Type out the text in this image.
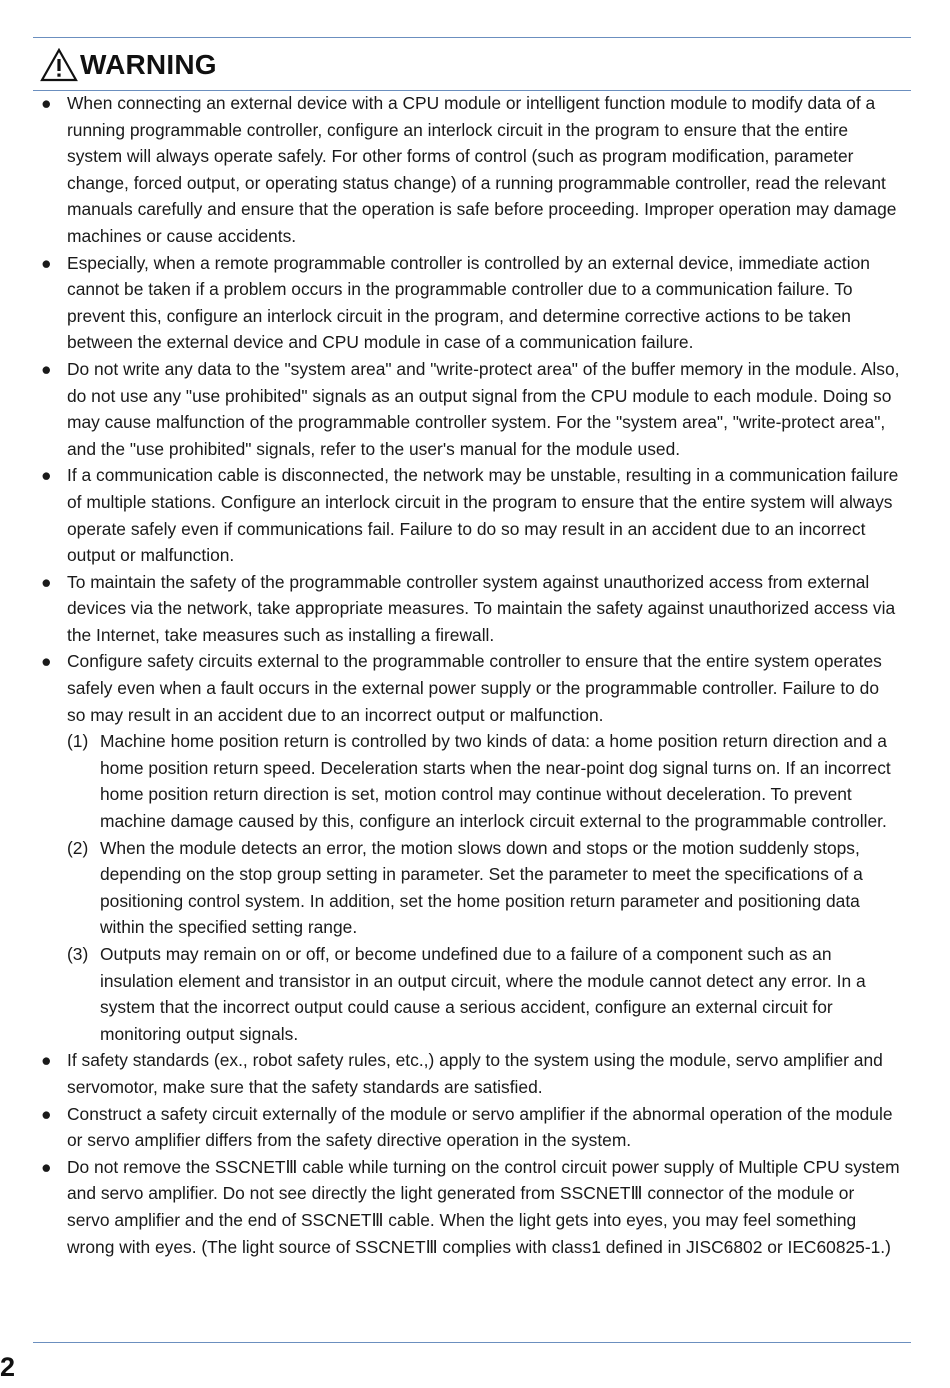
WARNING
● When connecting an external device with a CPU module or intelligent function module to modify data of a running programmable controller, configure an interlock circuit in the program to ensure that the entire system will always operate safely. For other forms of control (such as program modification, parameter change, forced output, or operating status change) of a running programmable controller, read the relevant manuals carefully and ensure that the operation is safe before proceeding. Improper operation may damage machines or cause accidents.
● Especially, when a remote programmable controller is controlled by an external device, immediate action cannot be taken if a problem occurs in the programmable controller due to a communication failure. To prevent this, configure an interlock circuit in the program, and determine corrective actions to be taken between the external device and CPU module in case of a communication failure.
● Do not write any data to the "system area" and "write-protect area" of the buffer memory in the module. Also, do not use any "use prohibited" signals as an output signal from the CPU module to each module. Doing so may cause malfunction of the programmable controller system. For the "system area", "write-protect area", and the "use prohibited" signals, refer to the user's manual for the module used.
● If a communication cable is disconnected, the network may be unstable, resulting in a communication failure of multiple stations. Configure an interlock circuit in the program to ensure that the entire system will always operate safely even if communications fail. Failure to do so may result in an accident due to an incorrect output or malfunction.
● To maintain the safety of the programmable controller system against unauthorized access from external devices via the network, take appropriate measures. To maintain the safety against unauthorized access via the Internet, take measures such as installing a firewall.
● Configure safety circuits external to the programmable controller to ensure that the entire system operates safely even when a fault occurs in the external power supply or the programmable controller. Failure to do so may result in an accident due to an incorrect output or malfunction.
(1) Machine home position return is controlled by two kinds of data: a home position return direction and a home position return speed. Deceleration starts when the near-point dog signal turns on. If an incorrect home position return direction is set, motion control may continue without deceleration. To prevent machine damage caused by this, configure an interlock circuit external to the programmable controller.
(2) When the module detects an error, the motion slows down and stops or the motion suddenly stops, depending on the stop group setting in parameter. Set the parameter to meet the specifications of a positioning control system. In addition, set the home position return parameter and positioning data within the specified setting range.
(3) Outputs may remain on or off, or become undefined due to a failure of a component such as an insulation element and transistor in an output circuit, where the module cannot detect any error. In a system that the incorrect output could cause a serious accident, configure an external circuit for monitoring output signals.
● If safety standards (ex., robot safety rules, etc.,) apply to the system using the module, servo amplifier and servomotor, make sure that the safety standards are satisfied.
● Construct a safety circuit externally of the module or servo amplifier if the abnormal operation of the module or servo amplifier differs from the safety directive operation in the system.
● Do not remove the SSCNETⅢ cable while turning on the control circuit power supply of Multiple CPU system and servo amplifier. Do not see directly the light generated from SSCNETⅢ connector of the module or servo amplifier and the end of SSCNETⅢ cable. When the light gets into eyes, you may feel something wrong with eyes. (The light source of SSCNETⅢ complies with class1 defined in JISC6802 or IEC60825-1.)
2
